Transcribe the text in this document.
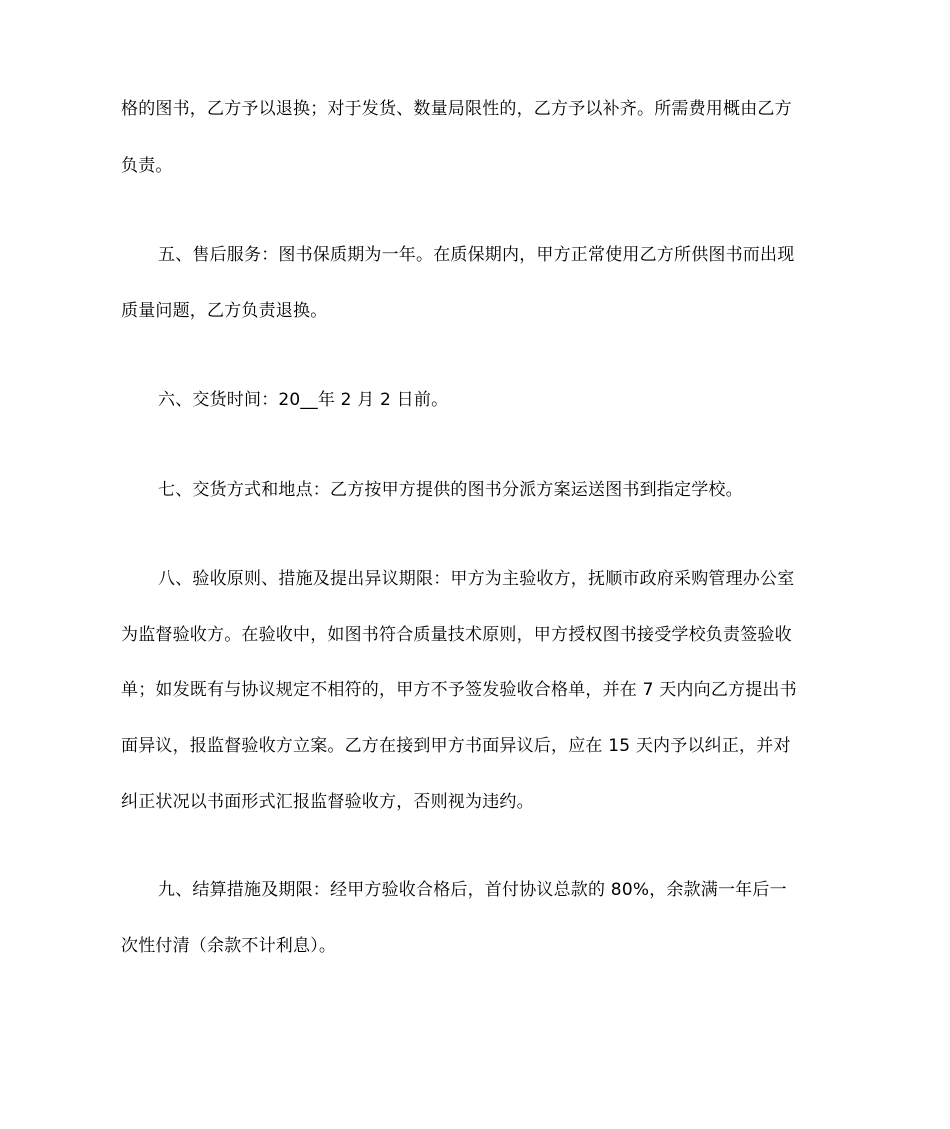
格的图书，乙方予以退换；对于发货、数量局限性的，乙方予以补齐。所需费用概由乙方
负责。
五、售后服务：图书保质期为一年。在质保期内，甲方正常使用乙方所供图书而出现
质量问题，乙方负责退换。
六、交货时间：20__年 2 月 2 日前。
七、交货方式和地点：乙方按甲方提供的图书分派方案运送图书到指定学校。
八、验收原则、措施及提出异议期限：甲方为主验收方，抚顺市政府采购管理办公室
为监督验收方。在验收中，如图书符合质量技术原则，甲方授权图书接受学校负责签验收
单；如发既有与协议规定不相符的，甲方不予签发验收合格单，并在 7 天内向乙方提出书
面异议，报监督验收方立案。乙方在接到甲方书面异议后，应在 15 天内予以纠正，并对
纠正状况以书面形式汇报监督验收方，否则视为违约。
九、结算措施及期限：经甲方验收合格后，首付协议总款的 80%，余款满一年后一
次性付清（余款不计利息）。
